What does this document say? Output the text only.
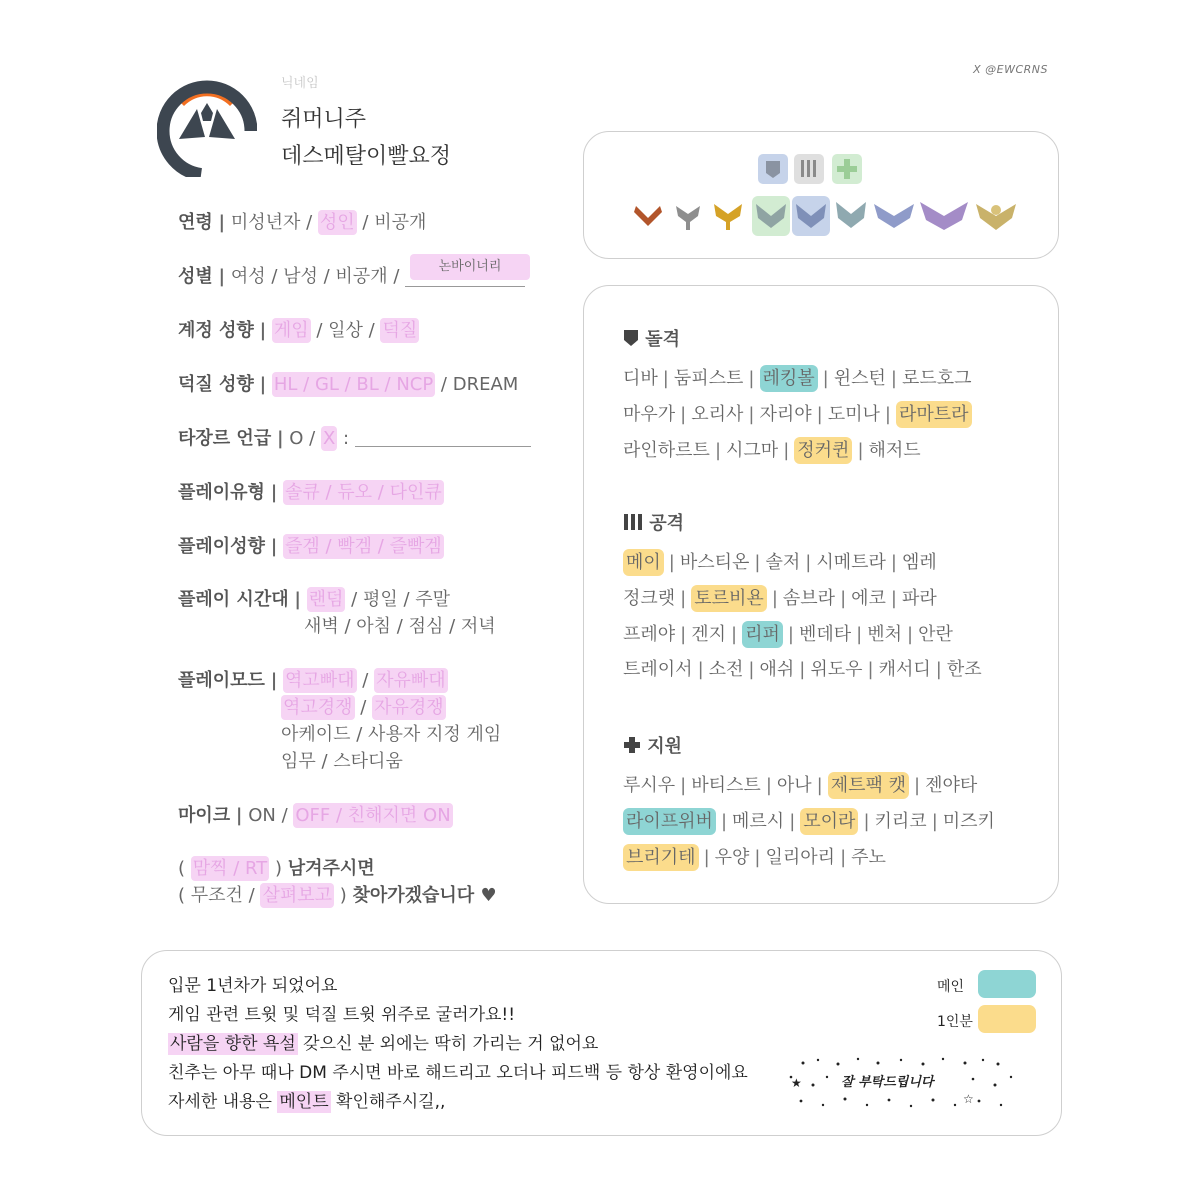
X @EWCRNS
닉네임
쥐머니주
데스메탈이빨요정
연령 | 미성년자 / 성인 / 비공개
성별 | 여성 / 남성 / 비공개 /	논바이너리
계정 성향 | 게임 / 일상 / 덕질
덕질 성향 | HL / GL / BL / NCP / DREAM
타장르 언급 | O / X :
플레이유형 | 솔큐 / 듀오 / 다인큐
플레이성향 | 즐겜 / 빡겜 / 즐빡겜
플레이 시간대 | 랜덤 / 평일 / 주말
새벽 / 아침 / 점심 / 저녁
플레이모드 | 역고빠대 / 자유빠대
역고경쟁 / 자유경쟁
아케이드 / 사용자 지정 게임
임무 / 스타디움
마이크 | ON / OFF / 친해지면 ON
( 맘찍 / RT ) 남겨주시면
( 무조건 / 살펴보고 ) 찾아가겠습니다 ♥
돌격
디바 | 둠피스트 | 레킹볼 | 윈스턴 | 로드호그
마우가 | 오리사 | 자리야 | 도미나 | 라마트라
라인하르트 | 시그마 | 정커퀸 | 해저드
공격
메이 | 바스티온 | 솔저 | 시메트라 | 엠레
정크랫 | 토르비욘 | 솜브라 | 에코 | 파라
프레야 | 겐지 | 리퍼 | 벤데타 | 벤처 | 안란
트레이서 | 소전 | 애쉬 | 위도우 | 캐서디 | 한조
지원
루시우 | 바티스트 | 아나 | 제트팩 캣 | 젠야타
라이프위버 | 메르시 | 모이라 | 키리코 | 미즈키
브리기테 | 우양 | 일리아리 | 주노
입문 1년차가 되었어요
게임 관련 트윗 및 덕질 트윗 위주로 굴러가요!!
사람을 향한 욕설 갖으신 분 외에는 딱히 가리는 거 없어요
친추는 아무 때나 DM 주시면 바로 해드리고 오더나 피드백 등 항상 환영이에요
자세한 내용은 메인트 확인해주시길,,
메인
1인분
★
☆
잘 부탁드립니다
